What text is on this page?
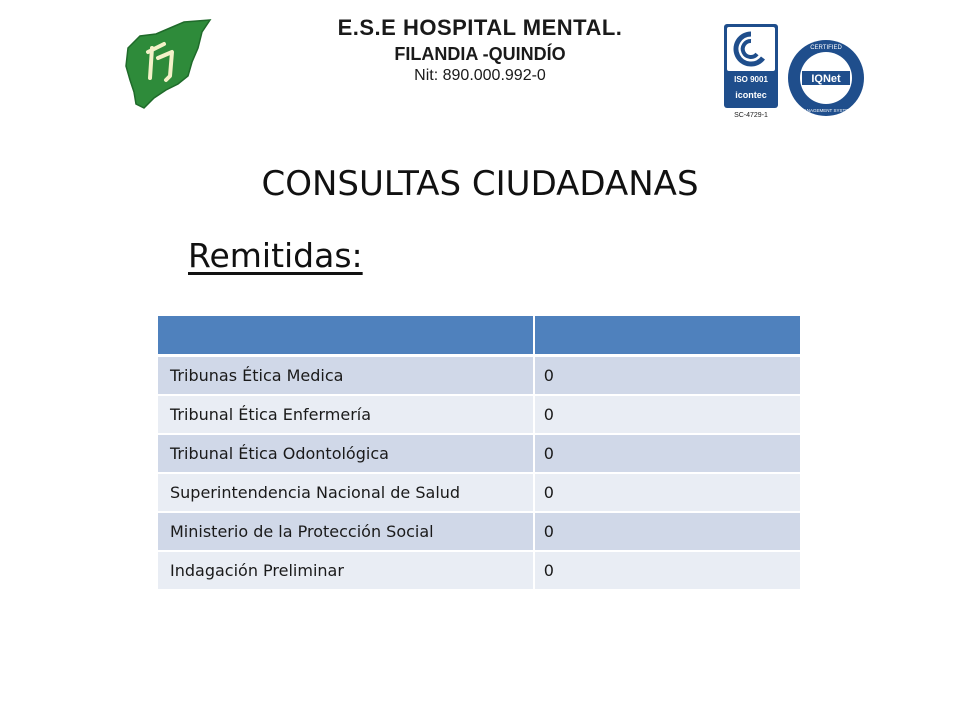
E.S.E HOSPITAL MENTAL.
FILANDIA -QUINDÍO
Nit: 890.000.992-0	ISO 9001
icontec
SC-4729-1
IQNet
CERTIFIED
MANAGEMENT SYSTEM
CONSULTAS CIUDADANAS
Remitidas:

Tribunas Ética Medica	0
Tribunal Ética Enfermería	0
Tribunal Ética Odontológica	0
Superintendencia Nacional de Salud	0
Ministerio de la Protección Social	0
Indagación Preliminar	0
